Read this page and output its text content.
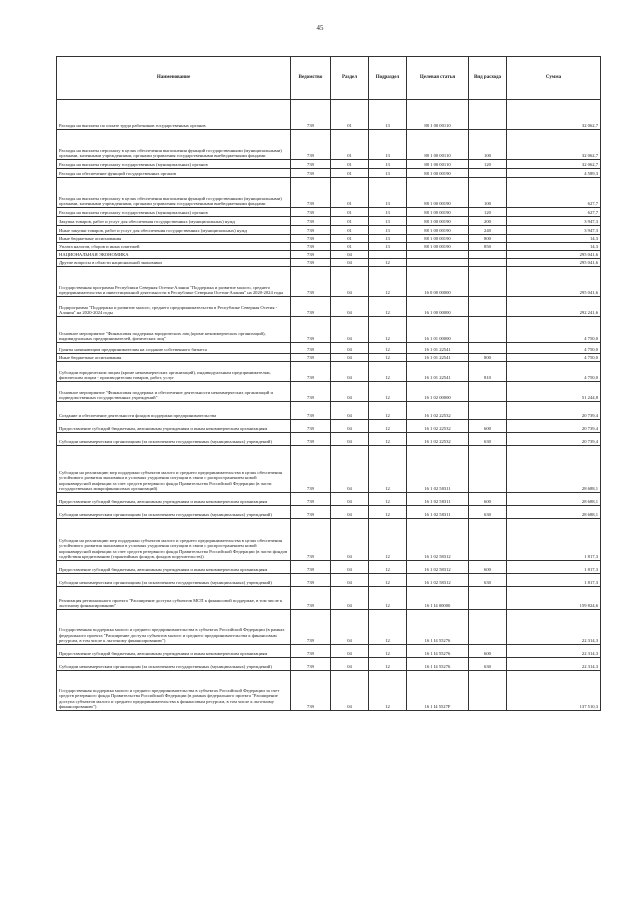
45
Наименование	Ведомство	Раздел	Подраздел	Целевая статья	Вид расхода	Сумма
Расходы на выплаты по оплате труда работников государственных органов	739	01	13	88 1 00 00110		32 062,7
Расходы на выплаты персоналу в целях обеспечения выполнения функций государственными (муниципальными) органами, казенными учреждениями, органами управления государственными внебюджетными фондами	739	01	13	88 1 00 00110	100	32 062,7
Расходы на выплаты персоналу государственных (муниципальных) органов	739	01	13	88 1 00 00110	120	32 062,7
Расходы на обеспечение функций государственных органов	739	01	13	88 1 00 00190		4 589,3
Расходы на выплаты персоналу в целях обеспечения выполнения функций государственными (муниципальными) органами, казенными учреждениями, органами управления государственными внебюджетными фондами	739	01	13	88 1 00 00190	100	627,7
Расходы на выплаты персоналу государственных (муниципальных) органов	739	01	13	88 1 00 00190	120	627,7
Закупка товаров, работ и услуг для обеспечения государственных (муниципальных) нужд	739	01	13	88 1 00 00190	200	3 947,3
Иные закупки товаров, работ и услуг для обеспечения государственных (муниципальных) нужд	739	01	13	88 1 00 00190	240	3 947,3
Иные бюджетные ассигнования	739	01	13	88 1 00 00190	800	14,3
Уплата налогов, сборов и иных платежей	739	01	13	88 1 00 00190	850	14,3
НАЦИОНАЛЬНАЯ ЭКОНОМИКА	739	04				295 041,6
Другие вопросы в области национальной экономики	739	04	12			295 041,6
Государственная программа Республики Северная Осетия-Алания "Поддержка и развитие малого, среднего предпринимательства и инвестиционной деятельности в Республике Северная Осетия-Алания" на 2020-2024 годы	739	04	12	16 0 00 00000		295 041,6
Подпрограмма "Поддержка и развитие малого, среднего предпринимательства в Республике Северная Осетия - Алания" на 2020-2024 годы	739	04	12	16 1 00 00000		292 241,6
Основное мероприятие "Финансовая поддержка юридических лиц (кроме некоммерческих организаций), индивидуальных предпринимателей, физических лиц"	739	04	12	16 1 01 00000		4 750,0
Гранты начинающим предпринимателям на создание собственного бизнеса	739	04	12	16 1 01 22541		4 750,0
Иные бюджетные ассигнования	739	04	12	16 1 01 22541	800	4 750,0
Субсидии юридическим лицам (кроме некоммерческих организаций), индивидуальным предпринимателям, физическим лицам - производителям товаров, работ, услуг	739	04	12	16 1 01 22541	810	4 750,0
Основное мероприятие "Финансовая поддержка и обеспечение деятельности некоммерческих организаций и подведомственных государственных учреждений"	739	04	12	16 1 02 00000		51 244,8
Создание и обеспечение деятельности фондов поддержки предпринимательства	739	04	12	16 1 02 22532		20 739,4
Предоставление субсидий бюджетным, автономным учреждениям и иным некоммерческим организациям	739	04	12	16 1 02 22532	600	20 739,4
Субсидии некоммерческим организациям (за исключением государственных (муниципальных) учреждений)	739	04	12	16 1 02 22532	630	20 739,4
Субсидии на реализацию мер поддержки субъектов малого и среднего предпринимательства в целях обеспечения устойчивого развития экономики в условиях ухудшения ситуации в связи с распространением новой коронавирусной инфекции за счет средств резервного фонда Правительства Российской Федерации (в части государственных микрофинансовых организаций)	739	04	12	16 1 02 58311		28 688,1
Предоставление субсидий бюджетным, автономным учреждениям и иным некоммерческим организациям	739	04	12	16 1 02 58311	600	28 688,1
Субсидии некоммерческим организациям (за исключением государственных (муниципальных) учреждений)	739	04	12	16 1 02 58311	630	28 688,1
Субсидии на реализацию мер поддержки субъектов малого и среднего предпринимательства в целях обеспечения устойчивого развития экономики в условиях ухудшения ситуации в связи с распространением новой коронавирусной инфекции за счет средств резервного фонда Правительства Российской Федерации (в части фондов содействия кредитованию (гарантийных фондов, фондов поручительств))	739	04	12	16 1 02 58312		1 817,3
Предоставление субсидий бюджетным, автономным учреждениям и иным некоммерческим организациям	739	04	12	16 1 02 58312	600	1 817,3
Субсидии некоммерческим организациям (за исключением государственных (муниципальных) учреждений)	739	04	12	16 1 02 58312	630	1 817,3
Реализация регионального проекта "Расширение доступа субъектов МСП к финансовой поддержке, в том числе к льготному финансированию"	739	04	12	16 1 I4 00000		159 824,6
Государственная поддержка малого и среднего предпринимательства в субъектах Российской Федерации (в рамках федерального проекта "Расширение доступа субъектов малого и среднего предпринимательства к финансовым ресурсам, в том числе к льготному финансированию")	739	04	12	16 1 I4 55276		22 314,3
Предоставление субсидий бюджетным, автономным учреждениям и иным некоммерческим организациям	739	04	12	16 1 I4 55276	600	22 314,3
Субсидии некоммерческим организациям (за исключением государственных (муниципальных) учреждений)	739	04	12	16 1 I4 55276	630	22 314,3
Государственная поддержка малого и среднего предпринимательства в субъектах Российской Федерации за счет средств резервного фонда Правительства Российской Федерации (в рамках федерального проекта "Расширение доступа субъектов малого и среднего предпринимательства к финансовым ресурсам, в том числе к льготному финансированию")	739	04	12	16 1 I4 5527F		137 510,3
